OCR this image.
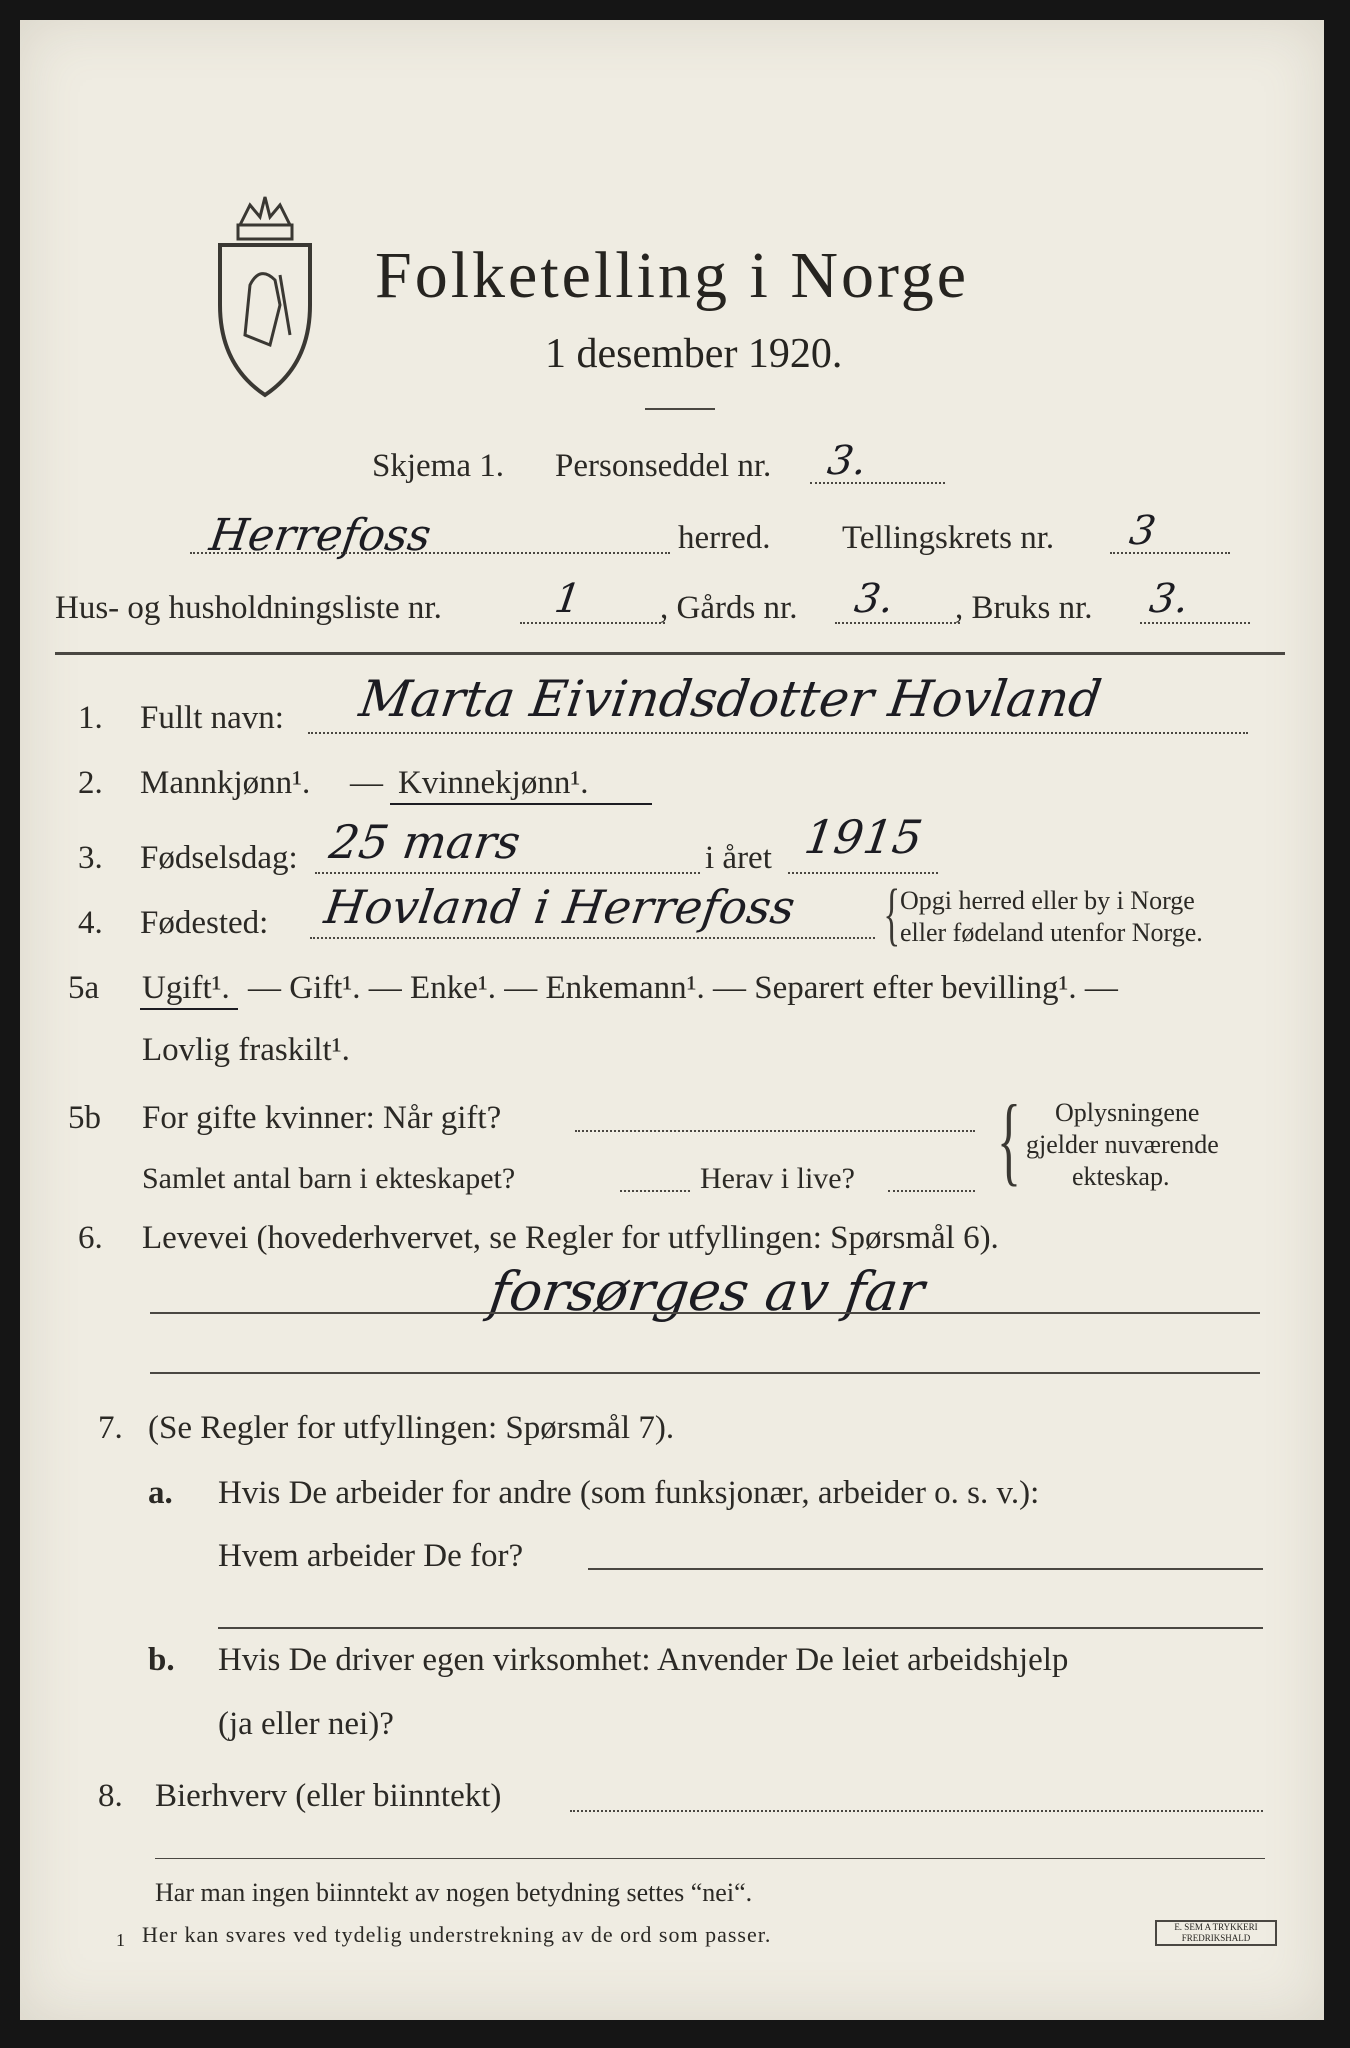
Folketelling i Norge
1 desember 1920.
Skjema 1. Personseddel nr. 3.
Herrefoss	herred. Tellingskrets nr. 3
Hus- og husholdningsliste nr.	1 , Gårds nr. 3. , Bruks nr. 3.
1. Fullt navn: Marta Eivindsdotter Hovland
2. Mannkjønn¹. — Kvinnekjønn¹.
3. Fødselsdag: 25 mars	i året 1915
4. Fødested: Hovland i Herrefoss { Opgi herred eller by i Norge
eller fødeland utenfor Norge.
5a Ugift¹. — Gift¹. — Enke¹. — Enkemann¹. — Separert efter bevilling¹. —
Lovlig fraskilt¹.
5b For gifte kvinner: Når gift?
Samlet antal barn i ekteskapet?	Herav i live? { Oplysningene
gjelder nuværende
ekteskap.
6. Levevei (hovederhvervet, se Regler for utfyllingen: Spørsmål 6).
forsørges av far
7. (Se Regler for utfyllingen: Spørsmål 7).
a. Hvis De arbeider for andre (som funksjonær, arbeider o. s. v.):
Hvem arbeider De for?
b. Hvis De driver egen virksomhet: Anvender De leiet arbeidshjelp
(ja eller nei)?
8. Bierhverv (eller biinntekt)
Har man ingen biinntekt av nogen betydning settes “nei“.
1 Her kan svares ved tydelig understrekning av de ord som passer.	E. SEM A TRYKKERI
FREDRIKSHALD
